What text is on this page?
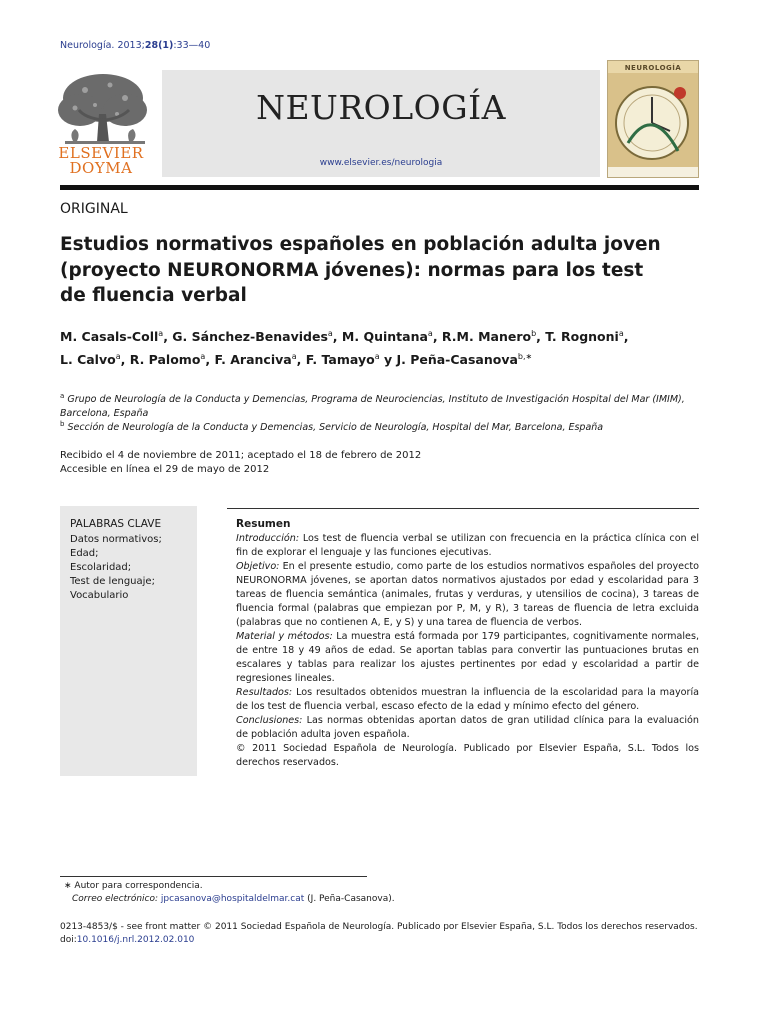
Neurología. 2013;28(1):33—40
ELSEVIER
DOYMA
NEUROLOGÍA
www.elsevier.es/neurologia
NEUROLOGÍA
ORIGINAL
Estudios normativos españoles en población adulta joven
(proyecto NEURONORMA jóvenes): normas para los test
de fluencia verbal
M. Casals-Coll$^a$, G. Sánchez-Benavides$^a$, M. Quintana$^a$, R.M. Manero$^b$, T. Rognoni$^a$,
L. Calvo$^a$, R. Palomo$^a$, F. Aranciva$^a$, F. Tamayo$^a$ y J. Peña-Casanova$^{b,∗}$
$^a$ Grupo de Neurología de la Conducta y Demencias, Programa de Neurociencias, Instituto de Investigación Hospital del Mar (IMIM), Barcelona, España
$^b$ Sección de Neurología de la Conducta y Demencias, Servicio de Neurología, Hospital del Mar, Barcelona, España
Recibido el 4 de noviembre de 2011; aceptado el 18 de febrero de 2012
Accesible en línea el 29 de mayo de 2012
PALABRAS CLAVE
Datos normativos;
Edad;
Escolaridad;
Test de lenguaje;
Vocabulario
Resumen
Introducción: Los test de fluencia verbal se utilizan con frecuencia en la práctica clínica con el fin de explorar el lenguaje y las funciones ejecutivas.
Objetivo: En el presente estudio, como parte de los estudios normativos españoles del proyecto NEURONORMA jóvenes, se aportan datos normativos ajustados por edad y escolaridad para 3 tareas de fluencia semántica (animales, frutas y verduras, y utensilios de cocina), 3 tareas de fluencia formal (palabras que empiezan por P, M, y R), 3 tareas de fluencia de letra excluida (palabras que no contienen A, E, y S) y una tarea de fluencia de verbos.
Material y métodos: La muestra está formada por 179 participantes, cognitivamente normales, de entre 18 y 49 años de edad. Se aportan tablas para convertir las puntuaciones brutas en escalares y tablas para realizar los ajustes pertinentes por edad y escolaridad a partir de regresiones lineales.
Resultados: Los resultados obtenidos muestran la influencia de la escolaridad para la mayoría de los test de fluencia verbal, escaso efecto de la edad y mínimo efecto del género.
Conclusiones: Las normas obtenidas aportan datos de gran utilidad clínica para la evaluación de población adulta joven española.
© 2011 Sociedad Española de Neurología. Publicado por Elsevier España, S.L. Todos los derechos reservados.
∗ Autor para correspondencia.
Correo electrónico: jpcasanova@hospitaldelmar.cat (J. Peña-Casanova).
0213-4853/$ - see front matter © 2011 Sociedad Española de Neurología. Publicado por Elsevier España, S.L. Todos los derechos reservados.
doi:10.1016/j.nrl.2012.02.010
